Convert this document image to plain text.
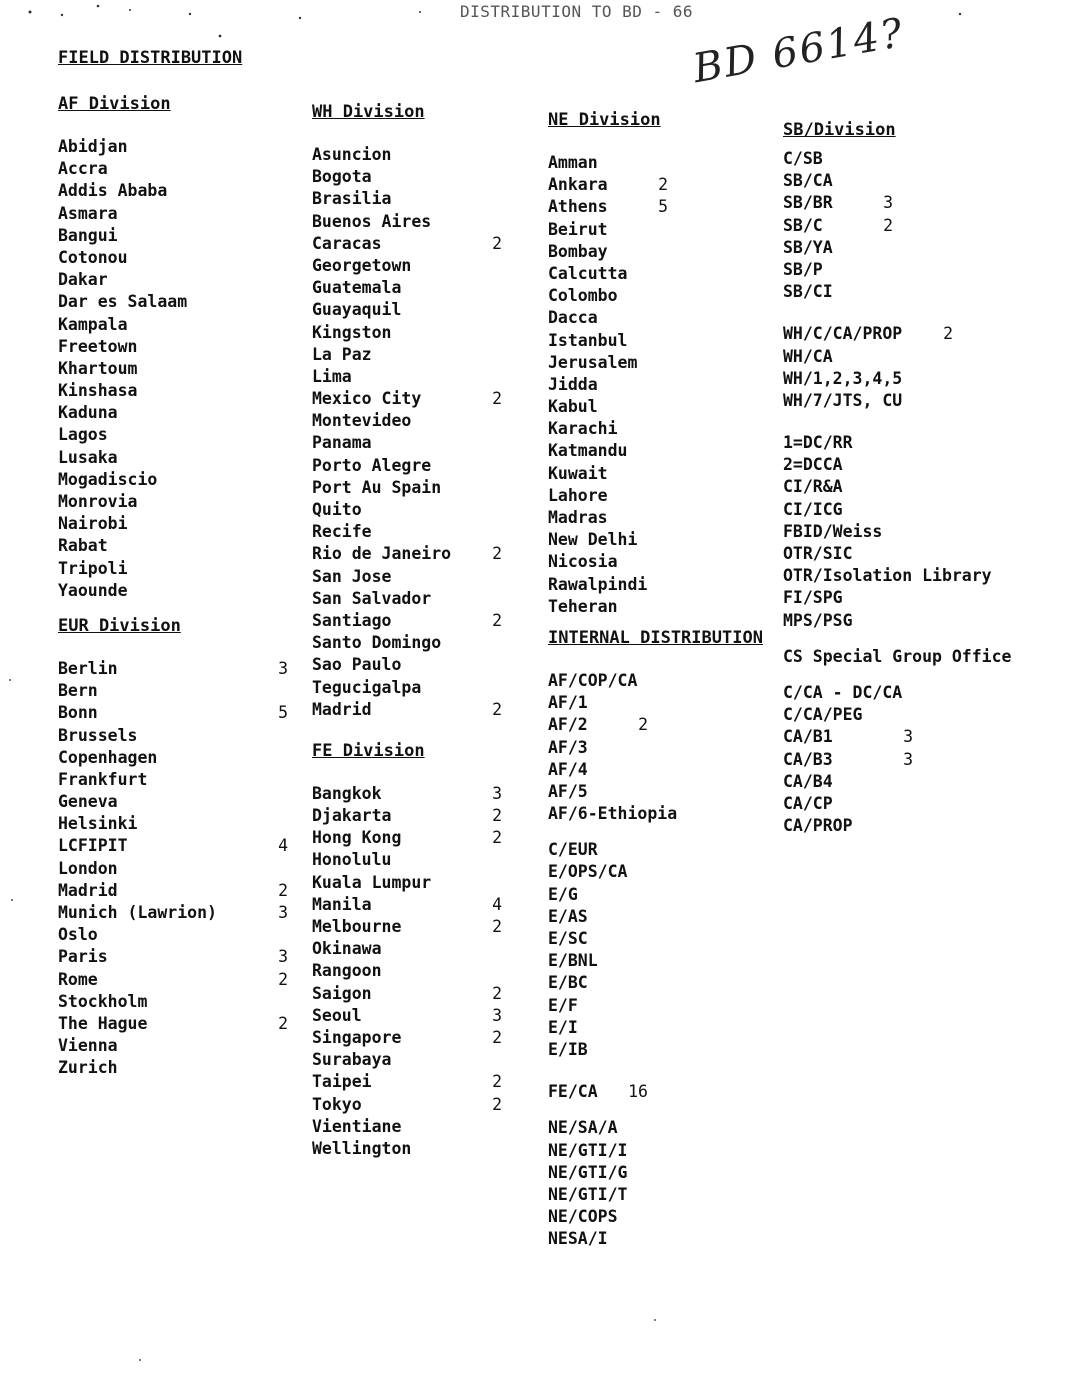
DISTRIBUTION TO BD - 66
BD 6614?
FIELD DISTRIBUTION
AF Division
Abidjan
Accra
Addis Ababa
Asmara
Bangui
Cotonou
Dakar
Dar es Salaam
Kampala
Freetown
Khartoum
Kinshasa
Kaduna
Lagos
Lusaka
Mogadiscio
Monrovia
Nairobi
Rabat
Tripoli
Yaounde
EUR Division
Berlin	3
Bern
Bonn	5
Brussels
Copenhagen
Frankfurt
Geneva
Helsinki
LCFIPIT	4
London
Madrid	2
Munich (Lawrion)	3
Oslo
Paris	3
Rome	2
Stockholm
The Hague	2
Vienna
Zurich
WH Division
Asuncion
Bogota
Brasilia
Buenos Aires
Caracas	2
Georgetown
Guatemala
Guayaquil
Kingston
La Paz
Lima
Mexico City	2
Montevideo
Panama
Porto Alegre
Port Au Spain
Quito
Recife
Rio de Janeiro	2
San Jose
San Salvador
Santiago	2
Santo Domingo
Sao Paulo
Tegucigalpa
Madrid	2
FE Division
Bangkok	3
Djakarta	2
Hong Kong	2
Honolulu
Kuala Lumpur
Manila	4
Melbourne	2
Okinawa
Rangoon
Saigon	2
Seoul	3
Singapore	2
Surabaya
Taipei	2
Tokyo	2
Vientiane
Wellington
NE Division
Amman
Ankara	2
Athens	5
Beirut
Bombay
Calcutta
Colombo
Dacca
Istanbul
Jerusalem
Jidda
Kabul
Karachi
Katmandu
Kuwait
Lahore
Madras
New Delhi
Nicosia
Rawalpindi
Teheran
INTERNAL DISTRIBUTION
AF/COP/CA
AF/1
AF/2	2
AF/3
AF/4
AF/5
AF/6-Ethiopia
C/EUR
E/OPS/CA
E/G
E/AS
E/SC
E/BNL
E/BC
E/F
E/I
E/IB
FE/CA	16
NE/SA/A
NE/GTI/I
NE/GTI/G
NE/GTI/T
NE/COPS
NESA/I
SB/Division
C/SB
SB/CA
SB/BR	3
SB/C	2
SB/YA
SB/P
SB/CI
WH/C/CA/PROP	2
WH/CA
WH/1,2,3,4,5
WH/7/JTS, CU
1=DC/RR
2=DCCA
CI/R&A
CI/ICG
FBID/Weiss
OTR/SIC
OTR/Isolation Library
FI/SPG
MPS/PSG
CS Special Group Office
C/CA - DC/CA
C/CA/PEG
CA/B1	3
CA/B3	3
CA/B4
CA/CP
CA/PROP
